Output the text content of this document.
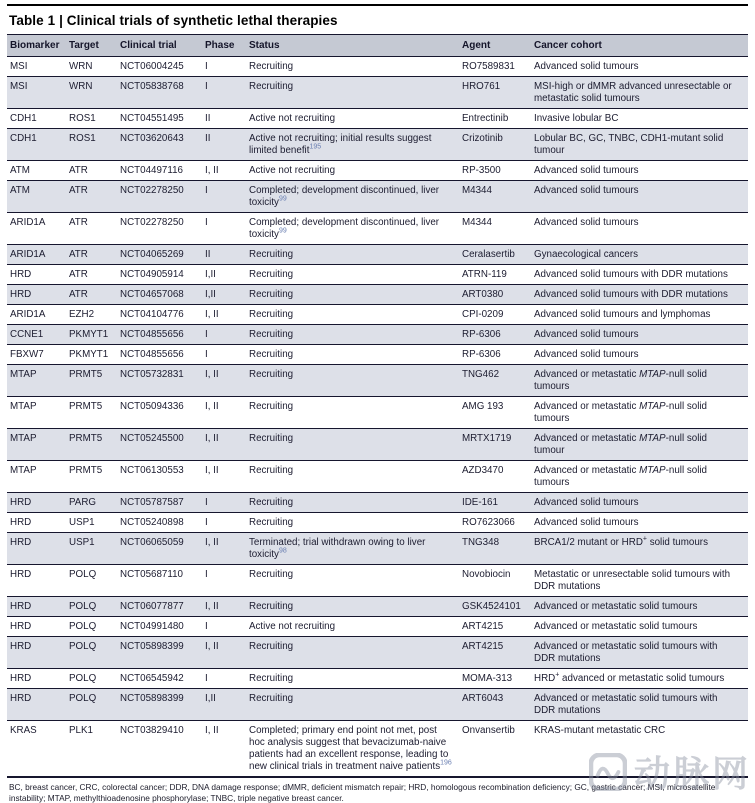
Table 1 | Clinical trials of synthetic lethal therapies
Biomarker	Target	Clinical trial	Phase	Status	Agent	Cancer cohort
MSI	WRN	NCT06004245	I	Recruiting	RO7589831	Advanced solid tumours
MSI	WRN	NCT05838768	I	Recruiting	HRO761	MSI-high or dMMR advanced unresectable or metastatic solid tumours
CDH1	ROS1	NCT04551495	II	Active not recruiting	Entrectinib	Invasive lobular BC
CDH1	ROS1	NCT03620643	II	Active not recruiting; initial results suggest limited benefit$^{195}$	Crizotinib	Lobular BC, GC, TNBC, CDH1-mutant solid tumour
ATM	ATR	NCT04497116	I, II	Active not recruiting	RP-3500	Advanced solid tumours
ATM	ATR	NCT02278250	I	Completed; development discontinued, liver toxicity$^{99}$	M4344	Advanced solid tumours
ARID1A	ATR	NCT02278250	I	Completed; development discontinued, liver toxicity$^{99}$	M4344	Advanced solid tumours
ARID1A	ATR	NCT04065269	II	Recruiting	Ceralasertib	Gynaecological cancers
HRD	ATR	NCT04905914	I,II	Recruiting	ATRN-119	Advanced solid tumours with DDR mutations
HRD	ATR	NCT04657068	I,II	Recruiting	ART0380	Advanced solid tumours with DDR mutations
ARID1A	EZH2	NCT04104776	I, II	Recruiting	CPI-0209	Advanced solid tumours and lymphomas
CCNE1	PKMYT1	NCT04855656	I	Recruiting	RP-6306	Advanced solid tumours
FBXW7	PKMYT1	NCT04855656	I	Recruiting	RP-6306	Advanced solid tumours
MTAP	PRMT5	NCT05732831	I, II	Recruiting	TNG462	Advanced or metastatic MTAP-null solid tumours
MTAP	PRMT5	NCT05094336	I, II	Recruiting	AMG 193	Advanced or metastatic MTAP-null solid tumours
MTAP	PRMT5	NCT05245500	I, II	Recruiting	MRTX1719	Advanced or metastatic MTAP-null solid tumour
MTAP	PRMT5	NCT06130553	I, II	Recruiting	AZD3470	Advanced or metastatic MTAP-null solid tumours
HRD	PARG	NCT05787587	I	Recruiting	IDE-161	Advanced solid tumours
HRD	USP1	NCT05240898	I	Recruiting	RO7623066	Advanced solid tumours
HRD	USP1	NCT06065059	I, II	Terminated; trial withdrawn owing to liver toxicity$^{98}$	TNG348	BRCA1/2 mutant or HRD+ solid tumours
HRD	POLQ	NCT05687110	I	Recruiting	Novobiocin	Metastatic or unresectable solid tumours with DDR mutations
HRD	POLQ	NCT06077877	I, II	Recruiting	GSK4524101	Advanced or metastatic solid tumours
HRD	POLQ	NCT04991480	I	Active not recruiting	ART4215	Advanced or metastatic solid tumours
HRD	POLQ	NCT05898399	I, II	Recruiting	ART4215	Advanced or metastatic solid tumours with DDR mutations
HRD	POLQ	NCT06545942	I	Recruiting	MOMA-313	HRD+ advanced or metastatic solid tumours
HRD	POLQ	NCT05898399	I,II	Recruiting	ART6043	Advanced or metastatic solid tumours with DDR mutations
KRAS	PLK1	NCT03829410	I, II	Completed; primary end point not met, post hoc analysis suggest that bevacizumab-naive patients had an excellent response, leading to new clinical trials in treatment naive patients$^{196}$	Onvansertib	KRAS-mutant metastatic CRC

BC, breast cancer, CRC, colorectal cancer; DDR, DNA damage response; dMMR, deficient mismatch repair; HRD, homologous recombination deficiency; GC, gastric cancer; MSI, microsatellite instability; MTAP, methylthioadenosine phosphorylase; TNBC, triple negative breast cancer.

动脉网
